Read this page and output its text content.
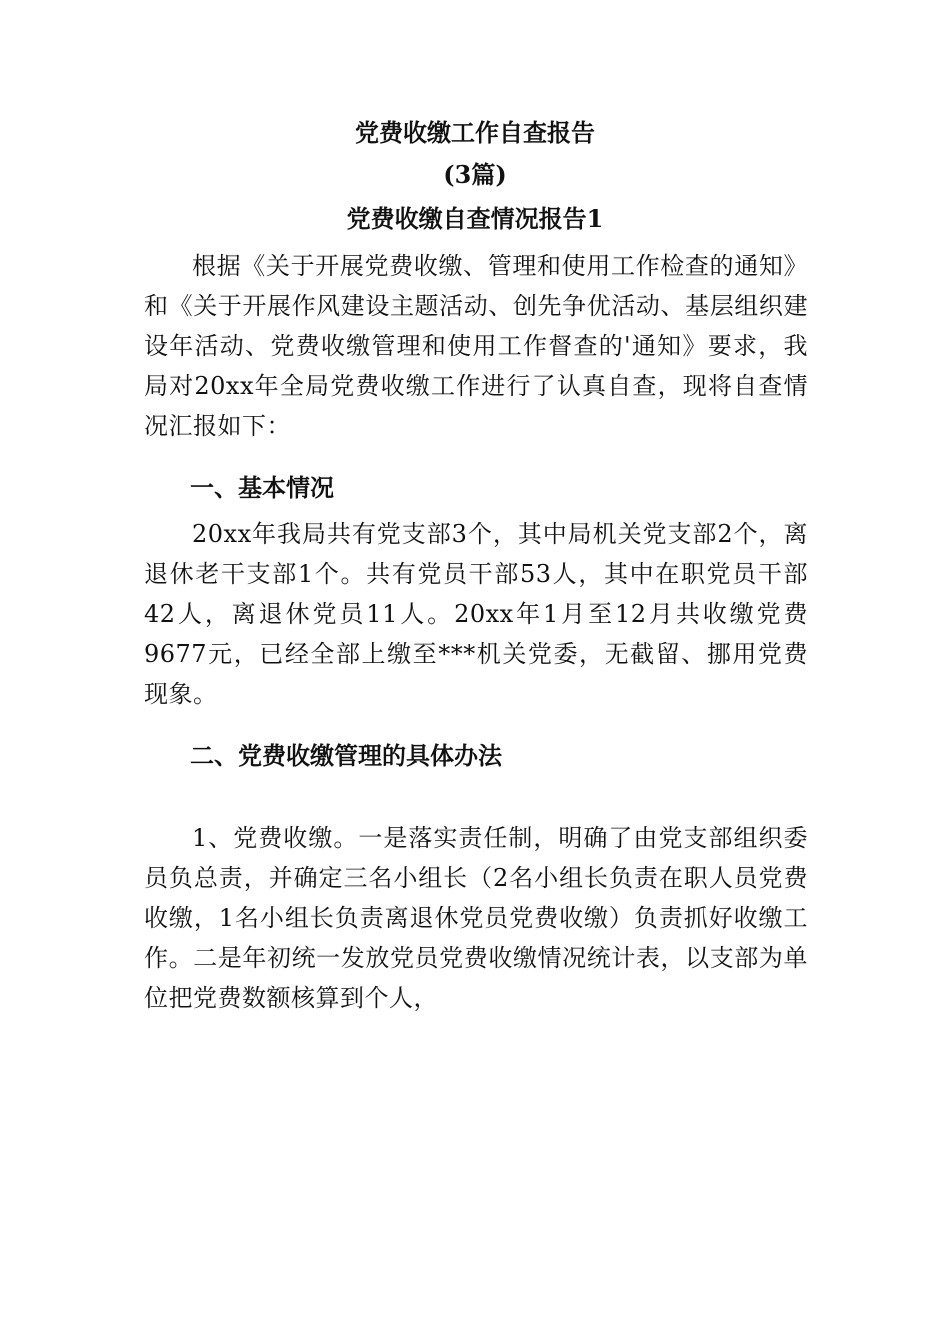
党费收缴工作自查报告
(3篇)
党费收缴自查情况报告1

根据《关于开展党费收缴、管理和使用工作检查的通知》和《关于开展作风建设主题活动、创先争优活动、基层组织建设年活动、党费收缴管理和使用工作督查的'通知》要求，我局对20xx年全局党费收缴工作进行了认真自查，现将自查情况汇报如下：

一、基本情况

20xx年我局共有党支部3个，其中局机关党支部2个，离退休老干支部1个。共有党员干部53人，其中在职党员干部42人，离退休党员11人。20xx年1月至12月共收缴党费9677元，已经全部上缴至***机关党委，无截留、挪用党费现象。

二、党费收缴管理的具体办法

1、党费收缴。一是落实责任制，明确了由党支部组织委员负总责，并确定三名小组长（2名小组长负责在职人员党费收缴，1名小组长负责离退休党员党费收缴）负责抓好收缴工作。二是年初统一发放党员党费收缴情况统计表，以支部为单位把党费数额核算到个人，
